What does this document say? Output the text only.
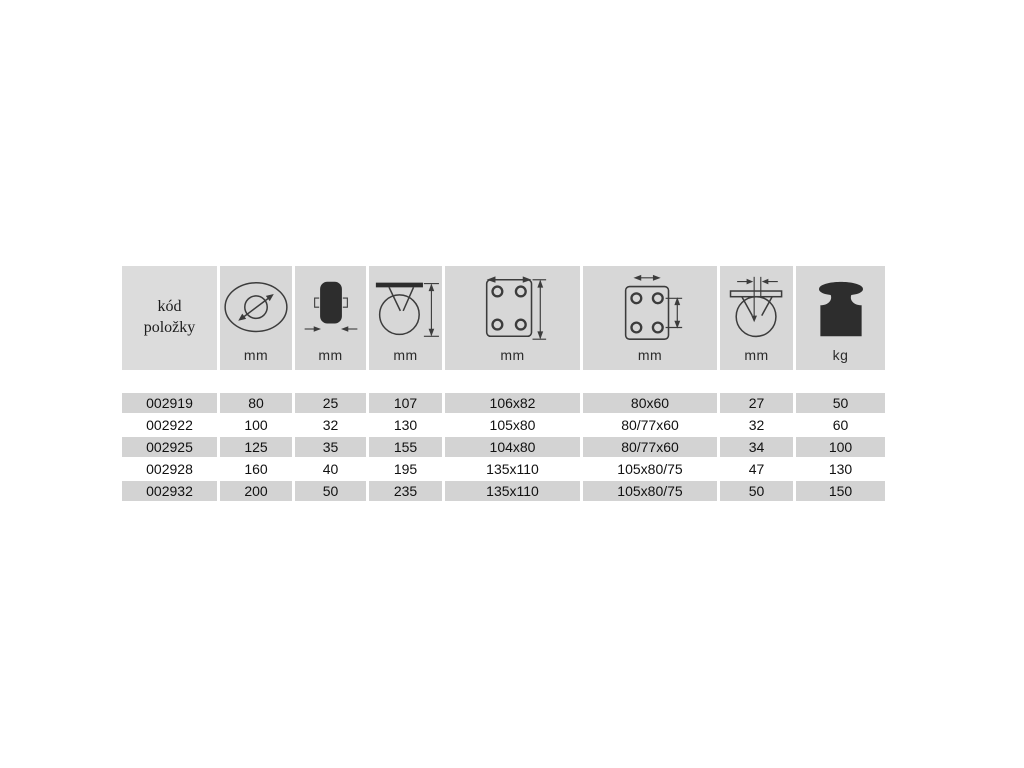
kód
položky
mm	mm	mm	mm	mm	mm	kg
002919	80	25	107	106x82	80x60	27	50
002922	100	32	130	105x80	80/77x60	32	60
002925	125	35	155	104x80	80/77x60	34	100
002928	160	40	195	135x110	105x80/75	47	130
002932	200	50	235	135x110	105x80/75	50	150
